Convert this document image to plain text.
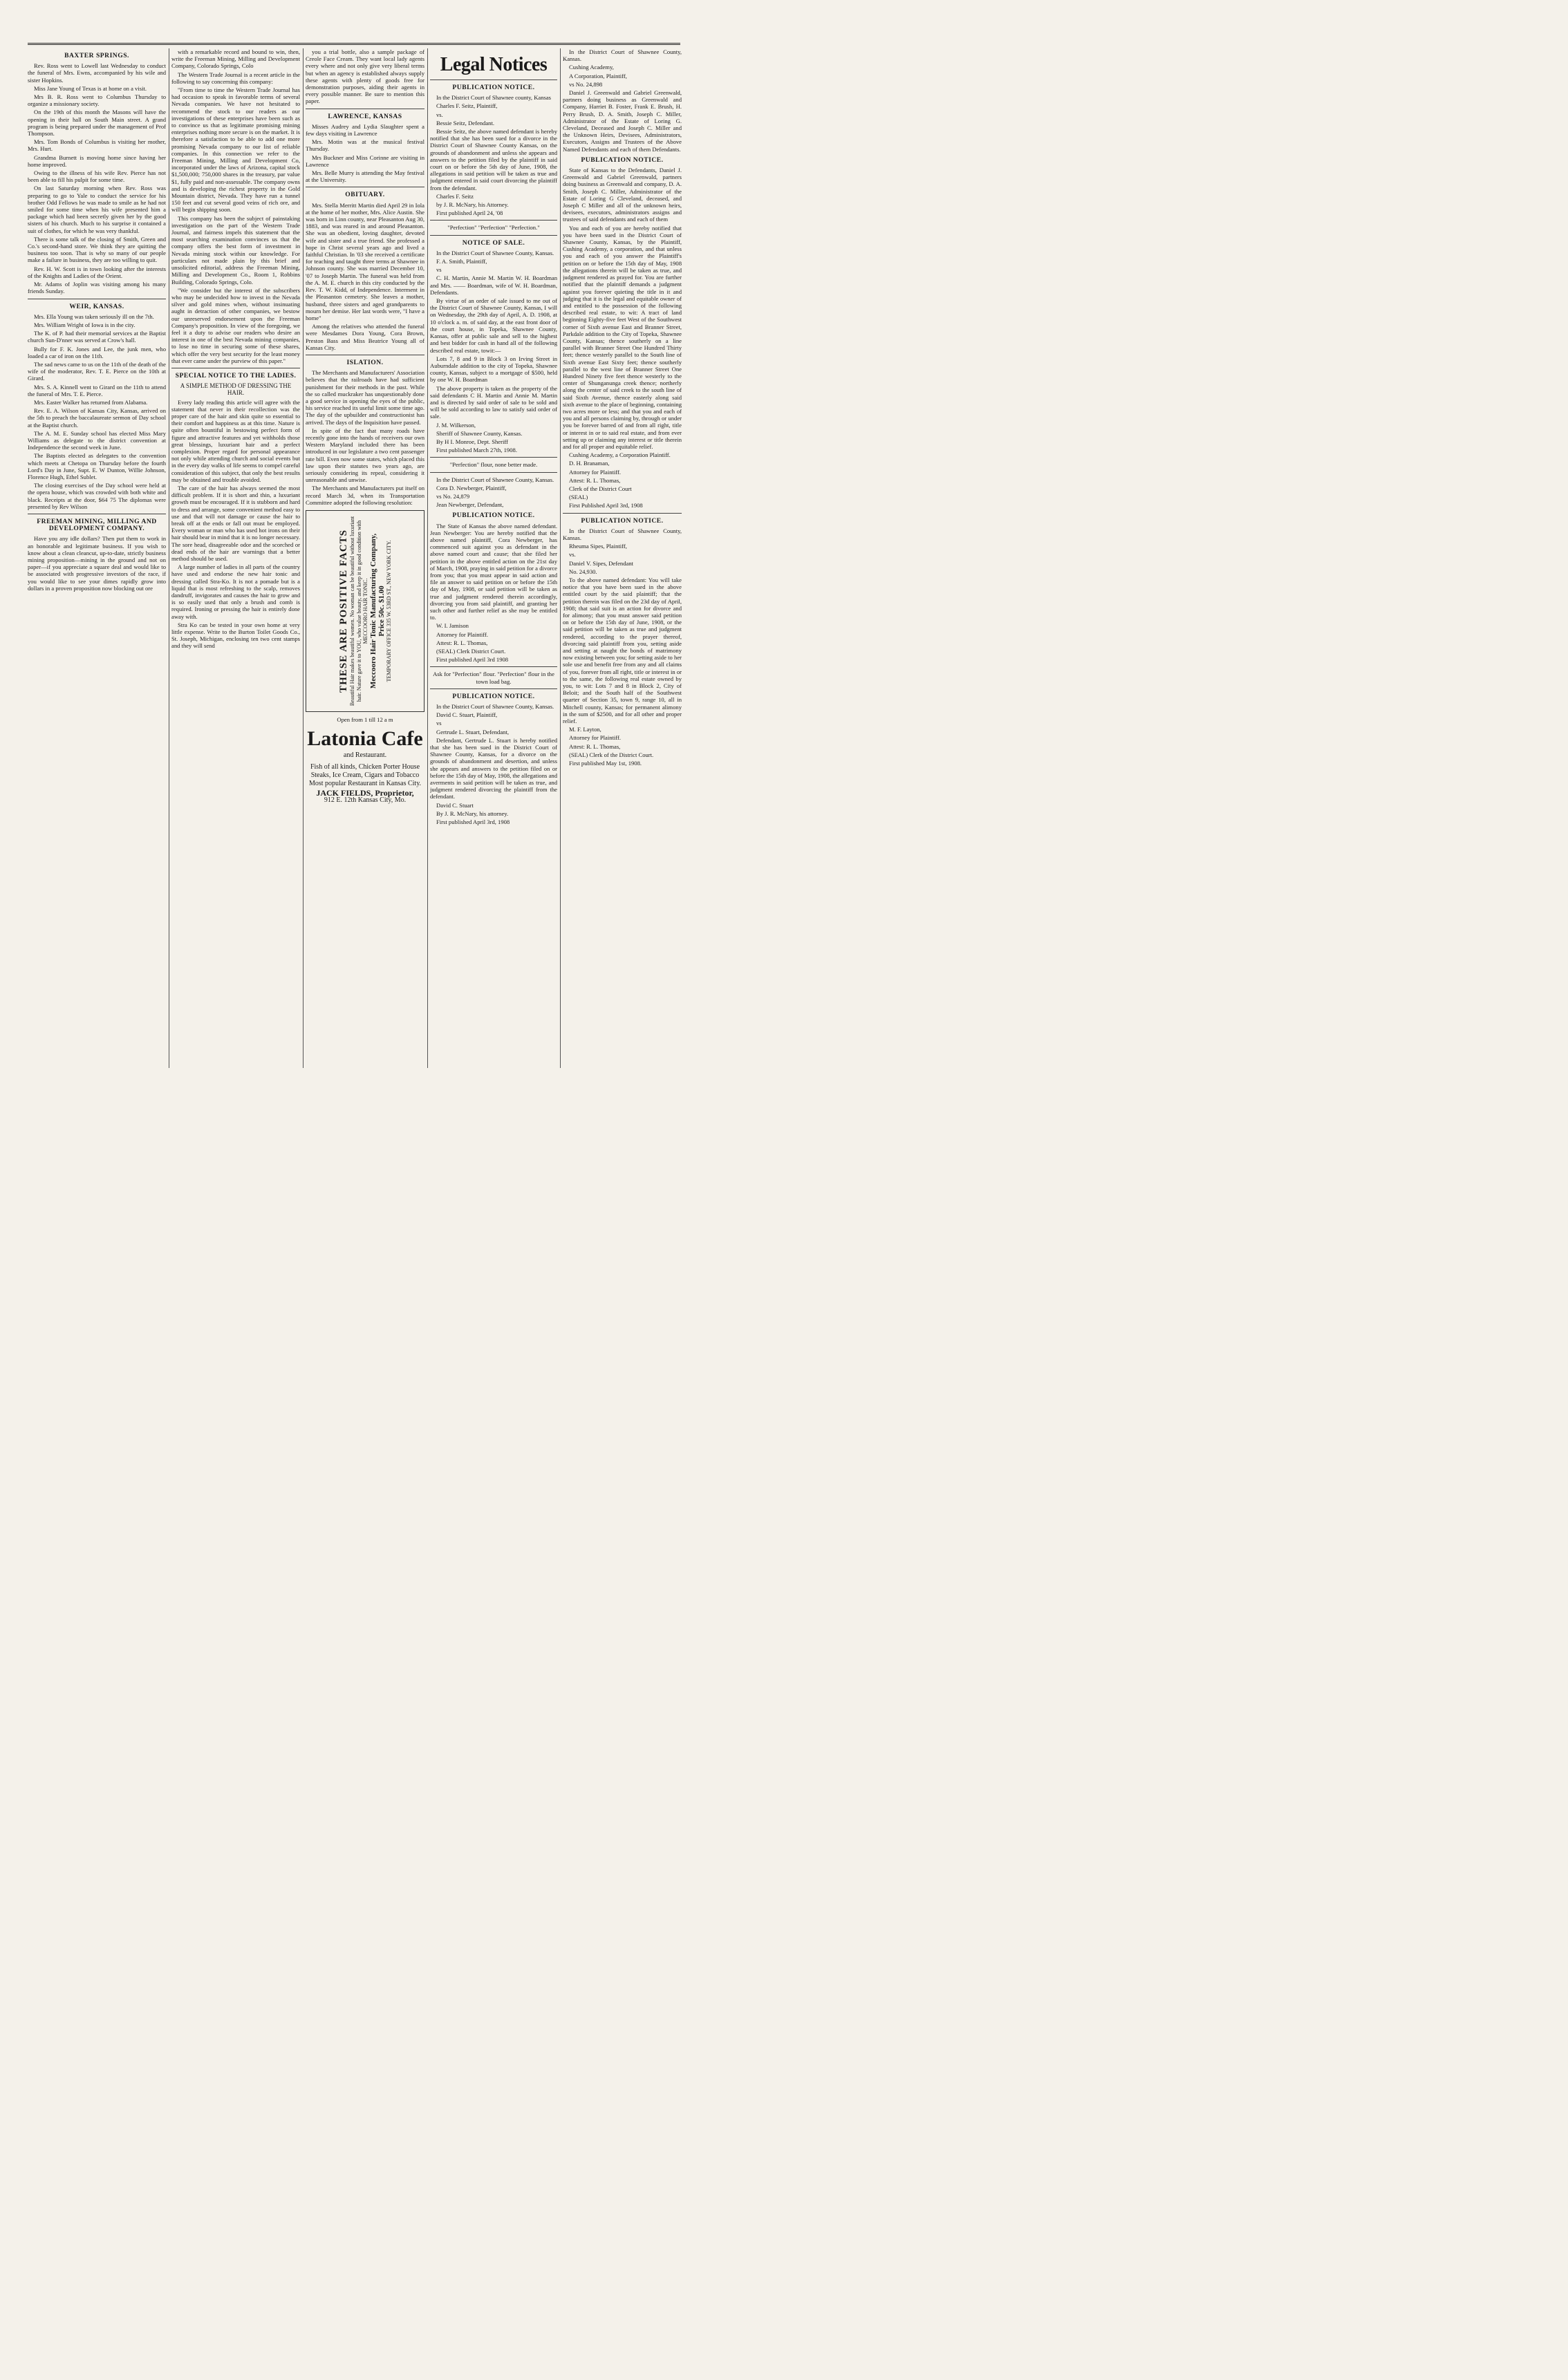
BAXTER SPRINGS.

Rev. Ross went to Lowell last Wednesday to conduct the funeral of Mrs. Ewns, accompanied by his wile and sister Hopkins.

Miss Jane Young of Texas is at home on a visit.

Mrs B. R. Ross went to Columbus Thursday to organize a missionary society.

On the 19th of this month the Masons will have the opening in their hall on South Main street. A grand program is being prepared under the management of Prof Thompson.

Mrs. Tom Bonds of Columbus is visiting her mother, Mrs. Hurt.

Grandma Burnett is moving home since having her home improved.

Owing to the illness of his wife Rev. Pierce has not been able to fill his pulpit for some time.

On last Saturday morning when Rev. Ross was preparing to go to Yale to conduct the service for his brother Odd Fellows he was made to smile as he had not smiled for some time when his wife presented him a package which had been secretly given her by the good sisters of his church. Much to his surprise it contained a suit of clothes, for which he was very thankful.

There is some talk of the closing of Smith, Green and Co.'s second-hand store. We think they are quitting the business too soon. That is why so many of our people make a failure in business, they are too willing to quit.

Rev. H. W. Scott is in town looking after the interests of the Knights and Ladies of the Orient.

Mr. Adams of Joplin was visiting among his many friends Sunday.

WEIR, KANSAS.

Mrs. Ella Young was taken seriously ill on the 7th.

Mrs. William Wright of Iowa is in the city.

The K. of P. had their memorial services at the Baptist church Sun-D'nner was served at Crow's hall.

Bully for F. K. Jones and Lee, the junk men, who loaded a car of iron on the 11th.

The sad news came to us on the 11th of the death of the wife of the moderator, Rev. T. E. Pierce on the 10th at Girard.

Mrs. S. A. Kinnell went to Girard on the 11th to attend the funeral of Mrs. T. E. Pierce.

Mrs. Easter Walker has returned from Alabama.

Rev. E. A. Wilson of Kansas City, Kansas, arrived on the 5th to preach the baccalaureate sermon of Day school at the Baptist church.

The A. M. E. Sunday school has elected Miss Mary Williams as delegate to the district convention at Independence the second week in June.

The Baptists elected as delegates to the convention which meets at Chetopa on Thursday before the fourth Lord's Day in June, Supt. E. W Dunton, Willie Johnson, Florence Hugh, Ethel Sublet.

The closing exercises of the Day school were held at the opera house, which was crowded with both white and black. Receipts at the door, $64 75 The diplomas were presented by Rev Wilson

FREEMAN MINING, MILLING AND DEVELOPMENT COMPANY.

Have you any idle dollars? Then put them to work in an honorable and legitimate business. If you wish to know about a clean cleancut, up-to-date, strictly business mining proposition—mining in the ground and not on paper—if you appreciate a square deal and would like to be associated with progressive investors of the race, if you would like to see your dimes rapidly grow into dollars in a proven proposition now blocking out ore

with a remarkable record and bound to win, then, write the Freeman Mining, Milling and Development Company, Colorado Springs, Colo

The Western Trade Journal is a recent article in the following to say concerning this company:

"From time to time the Western Trade Journal has had occasion to speak in favorable terms of several Nevada companies. We have not hesitated to recommend the stock to our readers as our investigations of these enterprises have been such as to convince us that as legitimate promising mining enterprises nothing more secure is on the market. It is therefore a satisfaction to be able to add one more promising Nevada company to our list of reliable companies. In this connection we refer to the Freeman Mining, Milling and Development Co, incorporated under the laws of Arizona, capital stock $1,500,000; 750,000 shares in the treasury, par value $1, fully paid and non-assessable. The company owns and is developing the richest property in the Gold Mountain district, Nevada. They have run a tunnel 150 feet and cut several good veins of rich ore, and will begin shipping soon.

This company has been the subject of painstaking investigation on the part of the Western Trade Journal, and fairness impels this statement that the most searching examination convinces us that the company offers the best form of investment in Nevada mining stock within our knowledge. For particulars not made plain by this brief and unsolicited editorial, address the Freeman Mining, Milling and Development Co., Room 1, Robbins Building, Colorado Springs, Colo.

"We consider but the interest of the subscribers who may be undecided how to invest in the Nevada silver and gold mines when, without insinuating aught in detraction of other companies, we bestow our unreserved endorsement upon the Freeman Company's proposition. In view of the foregoing, we feel it a duty to advise our readers who desire an interest in one of the best Nevada mining companies, to lose no time in securing some of these shares, which offer the very best security for the least money that ever came under the purview of this paper."

SPECIAL NOTICE TO THE LADIES.
A SIMPLE METHOD OF DRESSING THE HAIR.

Every lady reading this article will agree with the statement that never in their recollection was the proper care of the hair and skin quite so essential to their comfort and happiness as at this time. Nature is quite often bountiful in bestowing perfect form of figure and attractive features and yet withholds those great blessings, luxuriant hair and a perfect complexion. Proper regard for personal appearance not only while attending church and social events but in the every day walks of life seems to compel careful consideration of this subject, that only the best results may be obtained and trouble avoided.

The care of the hair has always seemed the most difficult problem. If it is short and thin, a luxuriant growth must be encouraged. If it is stubborn and hard to dress and arrange, some convenient method easy to use and that will not damage or cause the hair to break off at the ends or fall out must be employed. Every woman or man who has used hot irons on their hair should bear in mind that it is no longer necessary. The sore head, disagreeable odor and the scorched or dead ends of the hair are warnings that a better method should be used.

A large number of ladies in all parts of the country have used and endorse the new hair tonic and dressing called Stra-Ko. It is not a pomade but is a liquid that is most refreshing to the scalp, removes dandruff, invigorates and causes the hair to grow and is so easily used that only a brush and comb is required. Ironing or pressing the hair is entirely done away with.

Stra Ko can be tested in your own home at very little expense. Write to the Burton Toilet Goods Co., St. Joseph, Michigan, enclosing ten two cent stamps and they will send

you a trial bottle, also a sample package of Creole Face Cream. They want local lady agents every where and not only give very liberal terms but when an agency is established always supply these agents with plenty of goods free for demonstration purposes, aiding their agents in every possible manner. Be sure to mention this paper.

LAWRENCE, KANSAS

Misses Audrey and Lydia Slaughter spent a few days visiting in Lawrence

Mrs. Motin was at the musical festival Thursday.

Mrs Buckner and Miss Corinne are visiting in Lawrence

Mrs. Belle Murry is attending the May festival at the University.

OBITUARY.

Mrs. Stella Merritt Martin died April 29 in Iola at the home of her mother, Mrs. Alice Austin. She was born in Linn county, near Pleasanton Aug 30, 1883, and was reared in and around Pleasanton. She was an obedient, loving daughter, devoted wife and sister and a true friend. She professed a hope in Christ several years ago and lived a faithful Christian. In '03 she received a certificate for teaching and taught three terms at Shawnee in Johnson county. She was married December 10, '07 to Joseph Martin. The funeral was held from the A. M. E. church in this city conducted by the Rev. T. W. Kidd, of Independence. Interment in the Pleasanton cemetery. She leaves a mother, husband, three sisters and aged grandparents to mourn her demise. Her last words were, "I have a home"

Among the relatives who attended the funeral were Mesdames Dora Young, Cora Brown, Preston Bass and Miss Beatrice Young all of Kansas City.

ISLATION.

The Merchants and Manufacturers' Association believes that the railroads have had sufficient punishment for their methods in the past. While the so called muckraker has unquestionably done a good service in opening the eyes of the public, his service reached its useful limit some time ago. The day of the upbuilder and constructionist has arrived. The days of the Inquisition have passed.

In spite of the fact that many roads have recently gone into the hands of receivers our own Western Maryland included there has been introduced in our legislature a two cent passenger rate bill. Even now some states, which placed this law upon their statutes two years ago, are seriously considering its repeal, considering it unreasonable and unwise.

The Merchants and Manufacturers put itself on record March 3d, when its Transportation Committee adopted the following resolution:

THESE ARE POSITIVE FACTS Beautiful Hair makes beautiful women. No woman can be beautiful without luxuriant hair. Nature gave it to YOU, who value beauty, and keep it in good condition with MECCOORO HAIR TONIC. Meccooro Hair Tonic Manufacturing Company, Price 50c. $1.00 TEMPORARY OFFICE 335 W. 53RD ST., NEW YORK CITY.
Open from 1 till 12 a m
Latonia Cafe
and Restaurant.

Fish of all kinds, Chicken Porter House Steaks, Ice Cream, Cigars and Tobacco Most popular Restaurant in Kansas City.

JACK FIELDS, Proprietor,
912 E. 12th Kansas City, Mo.
Legal Notices
PUBLICATION NOTICE.

In the District Court of Shawnee county, Kansas

Charles F. Seitz, Plaintiff,

vs.

Bessie Seitz, Defendant.

Bessie Seitz, the above named defendant is hereby notified that she has been sued for a divorce in the District Court of Shawnee County Kansas, on the grounds of abandonment and unless she appears and answers to the petition filed by the plaintiff in said court on or before the 5th day of June, 1908, the allegations in said petition will be taken as true and judgment entered in said court divorcing the plaintiff from the defendant.

Charles F. Seitz

by J. R. McNary, his Attorney.

First published April 24, '08

"Perfection" "Perfection" "Perfection."
NOTICE OF SALE.

In the District Court of Shawnee County, Kansas.

F. A. Smith, Plaintiff,

vs

C. H. Martin, Annie M. Martin W. H. Boardman and Mrs. —— Boardman, wife of W. H. Boardman, Defendants.

By virtue of an order of sale issued to me out of the District Court of Shawnee County, Kansas, I will on Wednesday, the 29th day of April, A. D. 1908, at 10 o'clock a. m. of said day, at the east front door of the court house, in Topeka, Shawnee County, Kansas, offer at public sale and sell to the highest and best bidder for cash in hand all of the following described real estate, towit:—

Lots 7, 8 and 9 in Block 3 on Irving Street in Auburndale addition to the city of Topeka, Shawnee county, Kansas, subject to a mortgage of $500, held by one W. H. Boardman

The above property is taken as the property of the said defendants C H. Martin and Annie M. Martin and is directed by said order of sale to be sold and will be sold according to law to satisfy said order of sale.

J. M. Wilkerson,

Sheriff of Shawnee County, Kansas.

By H I. Monroe, Dept. Sheriff

First published March 27th, 1908.

"Perfection" flour, none better made.

In the District Court of Shawnee County, Kansas.

Cora D. Newberger, Plaintiff,

vs No. 24,879

Jean Newberger, Defendant,

PUBLICATION NOTICE.

The State of Kansas the above named defendant. Jean Newberger: You are hereby notified that the above named plaintiff, Cora Newberger, has commenced suit against you as defendant in the above named court and cause; that she filed her petition in the above entitled action on the 21st day of March, 1908, praying in said petition for a divorce from you; that you must appear in said action and file an answer to said petition on or before the 15th day of May, 1908, or said petition will be taken as true and judgment rendered therein accordingly, divorcing you from said plaintiff, and granting her such other and further relief as she may be entitled to.

W. I. Jamison

Attorney for Plaintiff.

Attest: R. L. Thomas,

(SEAL) Clerk District Court.

First published April 3rd 1908

Ask for "Perfection" flour. "Perfection" flour in the town load bag.
PUBLICATION NOTICE.

In the District Court of Shawnee County, Kansas.

David C. Stuart, Plaintiff,

vs

Gertrude L. Stuart, Defendant,

Defendant, Gertrude L. Stuart is hereby notified that she has been sued in the District Court of Shawnee County, Kansas, for a divorce on the grounds of abandonment and desertion, and unless she appears and answers to the petition filed on or before the 15th day of May, 1908, the allegations and averments in said petition will be taken as true, and judgment rendered divorcing the plaintiff from the defendant.

David C. Stuart

By J. R. McNary, his attorney.

First published April 3rd, 1908

In the District Court of Shawnee County, Kansas.

Cushing Academy,

A Corporation, Plaintiff,

vs No. 24,898

Daniel J. Greenwald and Gabriel Greenwald, partners doing business as Greenwald and Company, Harriet B. Foster, Frank E. Brush, H. Perry Brush, D. A. Smith, Joseph C. Miller, Administrator of the Estate of Loring G. Cleveland, Deceased and Joseph C. Miller and the Unknown Heirs, Devisees, Administrators, Executors, Assigns and Trustees of the Above Named Defendants and each of them Defendants.

PUBLICATION NOTICE.

State of Kansas to the Defendants, Daniel J. Greenwald and Gabriel Greenwald, partners doing business as Greenwald and company, D. A. Smith, Joseph C. Miller, Administrator of the Estate of Loring G Cleveland, deceased, and Joseph C Miller and all of the unknown heirs, devisees, executors, administrators assigns and trustees of said defendants and each of them

You and each of you are hereby notified that you have been sued in the District Court of Shawnee County, Kansas, by the Plaintiff, Cushing Academy, a corporation, and that unless you and each of you answer the Plaintiff's petition on or before the 15th day of May, 1908 the allegations therein will be taken as true, and judgment rendered as prayed for. You are further notified that the plaintiff demands a judgment against you forever quieting the title in it and judging that it is the legal and equitable owner of and entitled to the possession of the following described real estate, to wit: A tract of land beginning Eighty-five feet West of the Southwest corner of Sixth avenue East and Branner Street, Parkdale addition to the City of Topeka, Shawnee County, Kansas; thence southerly on a line parallel with Branner Street One Hundred Thirty feet; thence westerly parallel to the South line of Sixth avenue East Sixty feet; thence southerly parallel to the west line of Branner Street One Hundred Ninety five feet thence westerly to the center of Shunganunga creek thence; northerly along the center of said creek to the south line of said Sixth Avenue, thence easterly along said sixth avenue to the place of beginning, containing two acres more or less; and that you and each of you and all persons claiming by, through or under you be forever barred of and from all right, title or interest in or to said real estate, and from ever setting up or claiming any interest or title therein and for all proper and equitable relief.

Cushing Academy, a Corporation Plaintiff.

D. H. Branaman,

Attorney for Plaintiff.

Attest: R. L. Thomas,

Clerk of the District Court

(SEAL)

First Published April 3rd, 1908

PUBLICATION NOTICE.

In the District Court of Shawnee County, Kansas.

Rheuma Sipes, Plaintiff,

vs.

Daniel V. Sipes, Defendant

No. 24,930.

To the above named defendant: You will take notice that you have been sued in the above entitled court by the said plaintiff; that the petition therein was filed on the 23d day of April, 1908; that said suit is an action for divorce and for alimony; that you must answer said petition on or before the 15th day of June, 1908, or the said petition will be taken as true and judgment rendered, according to the prayer thereof, divorcing said plaintiff from you, setting aside and setting at naught the bonds of matrimony now existing between you; for setting aside to her sole use and benefit free from any and all claims of you, forever from all right, title or interest in or to the same, the following real estate owned by you, to wit: Lots 7 and 8 in Block 2, City of Beloit; and the South half of the Southwest quarter of Section 35, town 9, range 10, all in Mitchell county, Kansas; for permanent alimony in the sum of $2500, and for all other and proper relief.

M. F. Layton,

Attorney for Plaintiff.

Attest: R. L. Thomas,

(SEAL) Clerk of the District Court.

First published May 1st, 1908.
